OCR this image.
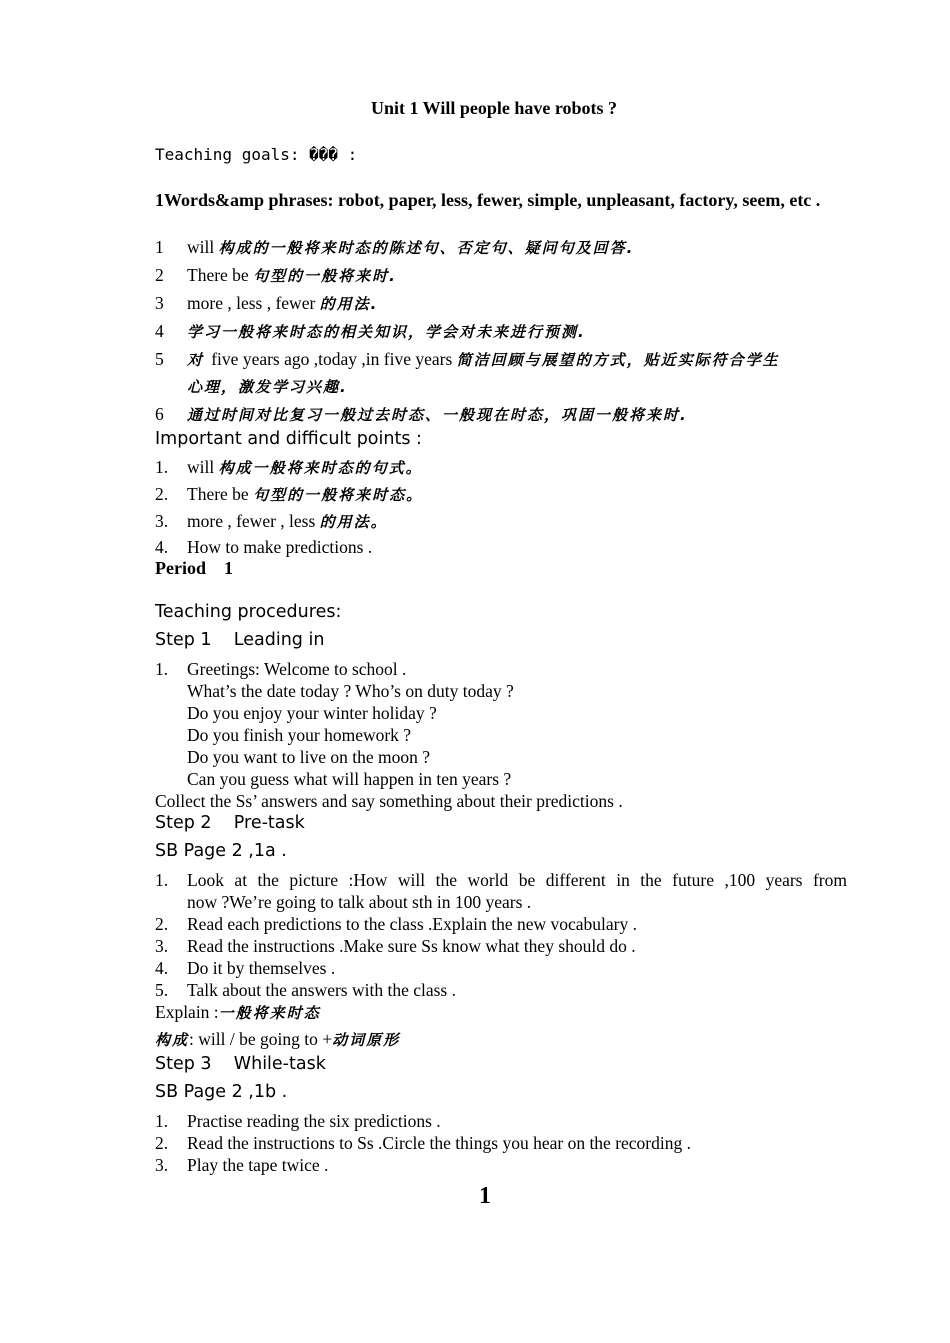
Unit 1 Will people have robots ?
Teaching goals: ��� :
1Words&amp phrases: robot, paper, less, fewer, simple, unpleasant, factory, seem, etc .
1  will 构成的一般将来时态的陈述句、否定句、疑问句及回答.
2  There be 句型的一般将来时.
3  more , less , fewer 的用法.
4  学习一般将来时态的相关知识，学会对未来进行预测.
5  对 five years ago ,today ,in five years 简洁回顾与展望的方式，贴近实际符合学生
心理，激发学习兴趣.
6  通过时间对比复习一般过去时态、一般现在时态，巩固一般将来时.
Important and difficult points :
1. will 构成一般将来时态的句式。
2. There be 句型的一般将来时态。
3. more , fewer , less 的用法。
4. How to make predictions .
Period    1
Teaching procedures:
Step 1    Leading in
1. Greetings: Welcome to school .
What’s the date today ? Who’s on duty today ?
Do you enjoy your winter holiday ?
Do you finish your homework ?
Do you want to live on the moon ?
Can you guess what will happen in ten years ?
Collect the Ss’ answers and say something about their predictions .
Step 2    Pre-task
SB Page 2 ,1a .
1. Look at the picture :How will the world be different in the future ,100 years from
now ?We’re going to talk about sth in 100 years .
2. Read each predictions to the class .Explain the new vocabulary .
3. Read the instructions .Make sure Ss know what they should do .
4. Do it by themselves .
5. Talk about the answers with the class .
Explain :一般将来时态
构成: will / be going to +动词原形
Step 3    While-task
SB Page 2 ,1b .
1. Practise reading the six predictions .
2. Read the instructions to Ss .Circle the things you hear on the recording .
3. Play the tape twice .
1
